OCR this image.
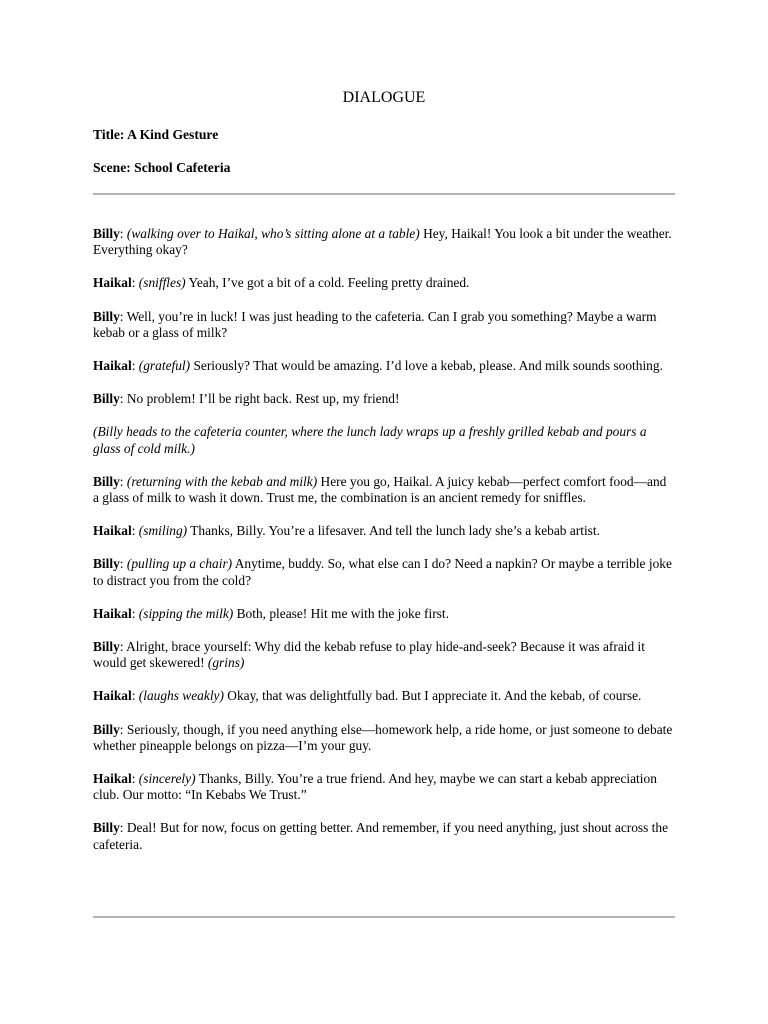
DIALOGUE
Title: A Kind Gesture
Scene: School Cafeteria

Billy: (walking over to Haikal, who’s sitting alone at a table) Hey, Haikal! You look a bit under the weather. Everything okay?

Haikal: (sniffles) Yeah, I’ve got a bit of a cold. Feeling pretty drained.

Billy: Well, you’re in luck! I was just heading to the cafeteria. Can I grab you something? Maybe a warm kebab or a glass of milk?

Haikal: (grateful) Seriously? That would be amazing. I’d love a kebab, please. And milk sounds soothing.

Billy: No problem! I’ll be right back. Rest up, my friend!

(Billy heads to the cafeteria counter, where the lunch lady wraps up a freshly grilled kebab and pours a glass of cold milk.)

Billy: (returning with the kebab and milk) Here you go, Haikal. A juicy kebab—perfect comfort food—and a glass of milk to wash it down. Trust me, the combination is an ancient remedy for sniffles.

Haikal: (smiling) Thanks, Billy. You’re a lifesaver. And tell the lunch lady she’s a kebab artist.

Billy: (pulling up a chair) Anytime, buddy. So, what else can I do? Need a napkin? Or maybe a terrible joke to distract you from the cold?

Haikal: (sipping the milk) Both, please! Hit me with the joke first.

Billy: Alright, brace yourself: Why did the kebab refuse to play hide-and-seek? Because it was afraid it would get skewered! (grins)

Haikal: (laughs weakly) Okay, that was delightfully bad. But I appreciate it. And the kebab, of course.

Billy: Seriously, though, if you need anything else—homework help, a ride home, or just someone to debate whether pineapple belongs on pizza—I’m your guy.

Haikal: (sincerely) Thanks, Billy. You’re a true friend. And hey, maybe we can start a kebab appreciation club. Our motto: “In Kebabs We Trust.”

Billy: Deal! But for now, focus on getting better. And remember, if you need anything, just shout across the cafeteria.
